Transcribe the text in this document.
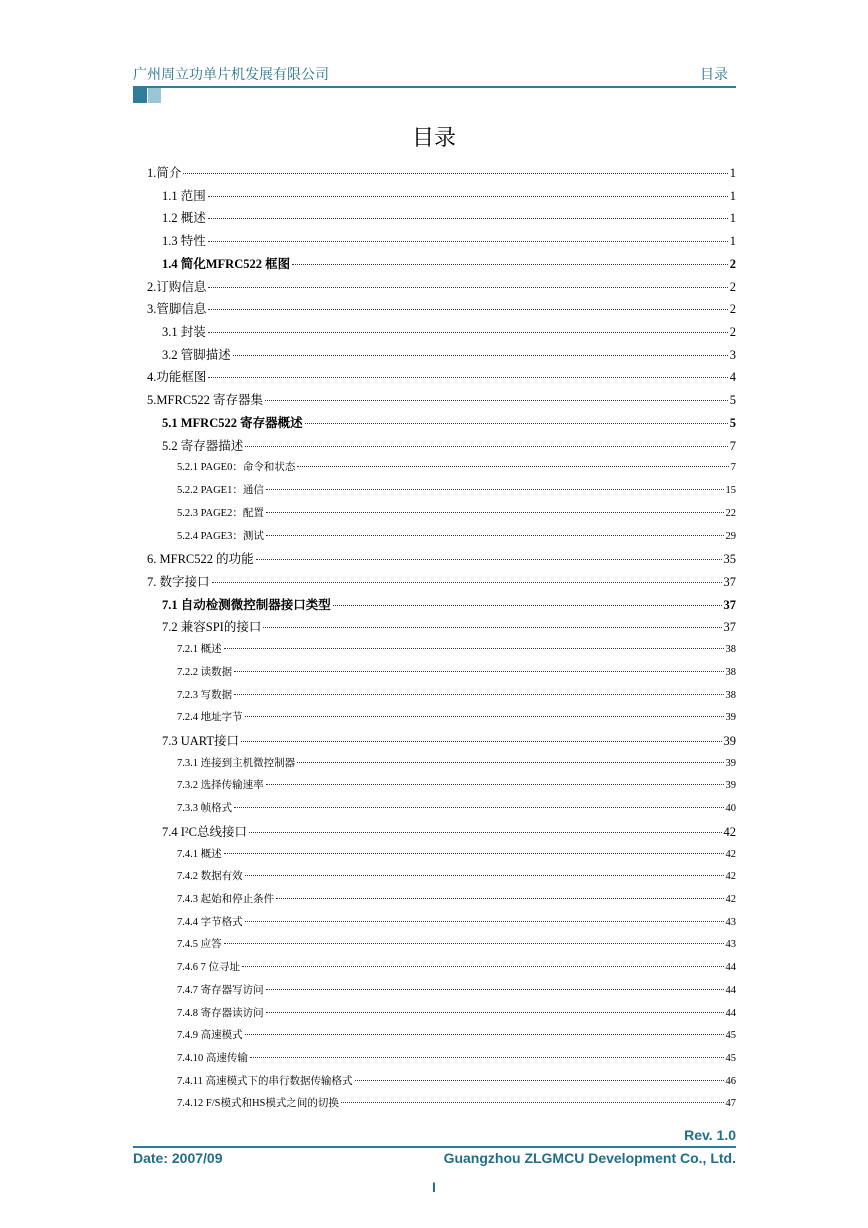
广州周立功单片机发展有限公司	目录
目录
1.简介	1
1.1 范围	1
1.2 概述	1
1.3 特性	1
1.4 简化MFRC522 框图	2
2.订购信息	2
3.管脚信息	2
3.1 封装	2
3.2 管脚描述	3
4.功能框图	4
5.MFRC522 寄存器集	5
5.1 MFRC522 寄存器概述	5
5.2 寄存器描述	7
5.2.1 PAGE0：命令和状态	7
5.2.2 PAGE1：通信	15
5.2.3 PAGE2：配置	22
5.2.4 PAGE3：测试	29
6. MFRC522 的功能	35
7. 数字接口	37
7.1 自动检测微控制器接口类型	37
7.2 兼容SPI的接口	37
7.2.1 概述	38
7.2.2 读数据	38
7.2.3 写数据	38
7.2.4 地址字节	39
7.3 UART接口	39
7.3.1 连接到主机微控制器	39
7.3.2 选择传输速率	39
7.3.3 帧格式	40
7.4 I²C总线接口	42
7.4.1 概述	42
7.4.2 数据有效	42
7.4.3 起始和停止条件	42
7.4.4 字节格式	43
7.4.5 应答	43
7.4.6 7 位寻址	44
7.4.7 寄存器写访问	44
7.4.8 寄存器读访问	44
7.4.9 高速模式	45
7.4.10 高速传输	45
7.4.11 高速模式下的串行数据传输格式	46
7.4.12 F/S模式和HS模式之间的切换	47
Rev. 1.0
Date: 2007/09	Guangzhou ZLGMCU Development Co., Ltd.
I
